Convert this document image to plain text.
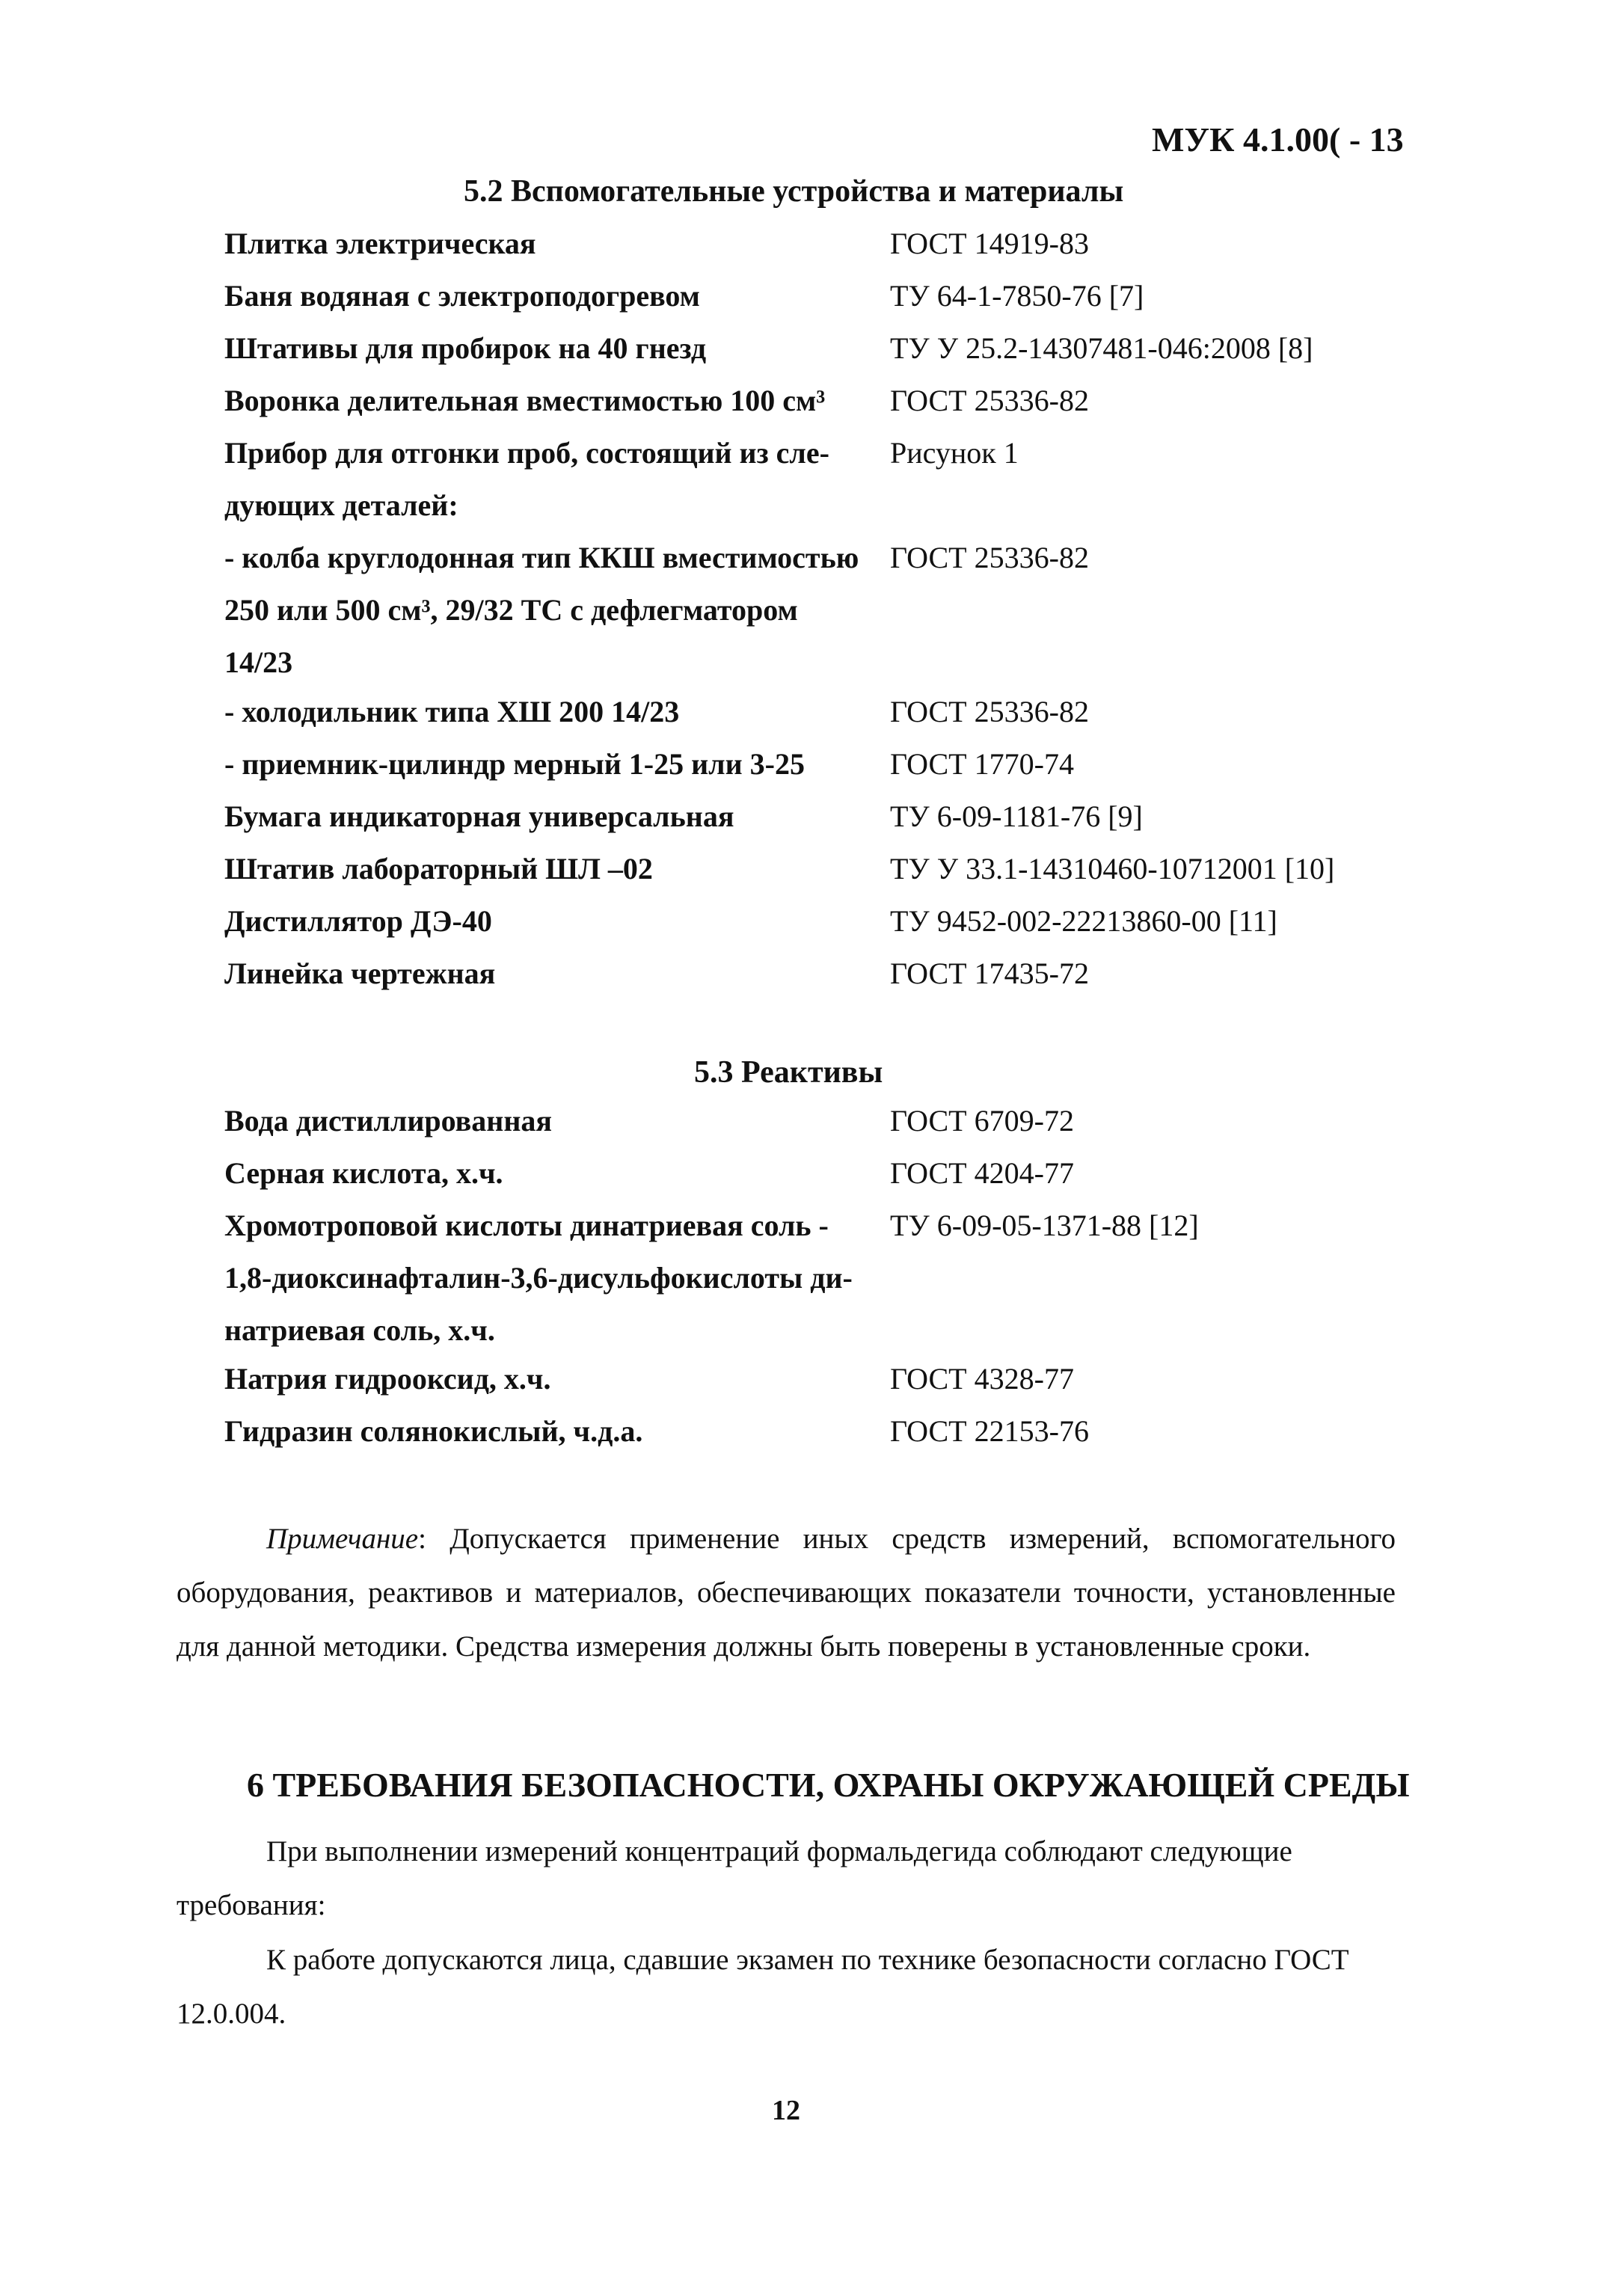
МУК 4.1.00( - 13
5.2 Вспомогательные устройства и материалы
Плитка электрическая	ГОСТ 14919-83
Баня водяная с электроподогревом	ТУ 64-1-7850-76 [7]
Штативы для пробирок на 40 гнезд	ТУ У 25.2-14307481-046:2008 [8]
Воронка делительная вместимостью 100 см³ ГОСТ 25336-82
Прибор для отгонки проб, состоящий из сле-
дующих деталей:
Рисунок 1
- колба круглодонная тип ККШ вместимостью
250 или 500 см³, 29/32 ТС с дефлегматором
14/23
ГОСТ 25336-82
- холодильник типа ХШ 200 14/23	ГОСТ 25336-82
- приемник-цилиндр мерный 1-25 или 3-25	ГОСТ 1770-74
Бумага индикаторная универсальная	ТУ 6-09-1181-76 [9]
Штатив лабораторный ШЛ –02	ТУ У 33.1-14310460-10712001 [10]
Дистиллятор ДЭ-40	ТУ 9452-002-22213860-00 [11]
Линейка чертежная	ГОСТ 17435-72
5.3 Реактивы
Вода дистиллированная	ГОСТ 6709-72
Серная кислота, х.ч.	ГОСТ 4204-77
Хромотроповой кислоты динатриевая соль -
1,8-диоксинафталин-3,6-дисульфокислоты ди-
натриевая соль, х.ч.
ТУ 6-09-05-1371-88 [12]
Натрия гидрооксид, х.ч.	ГОСТ 4328-77
Гидразин солянокислый, ч.д.а.	ГОСТ 22153-76
Примечание: Допускается применение иных средств измерений, вспомогательного оборудования, реактивов и материалов, обеспечивающих показатели точности, установленные для данной методики. Средства измерения должны быть поверены в установленные сроки.
6 ТРЕБОВАНИЯ БЕЗОПАСНОСТИ, ОХРАНЫ ОКРУЖАЮЩЕЙ СРЕДЫ
При выполнении измерений концентраций формальдегида соблюдают следующие требования:
К работе допускаются лица, сдавшие экзамен по технике безопасности согласно ГОСТ 12.0.004.
12
